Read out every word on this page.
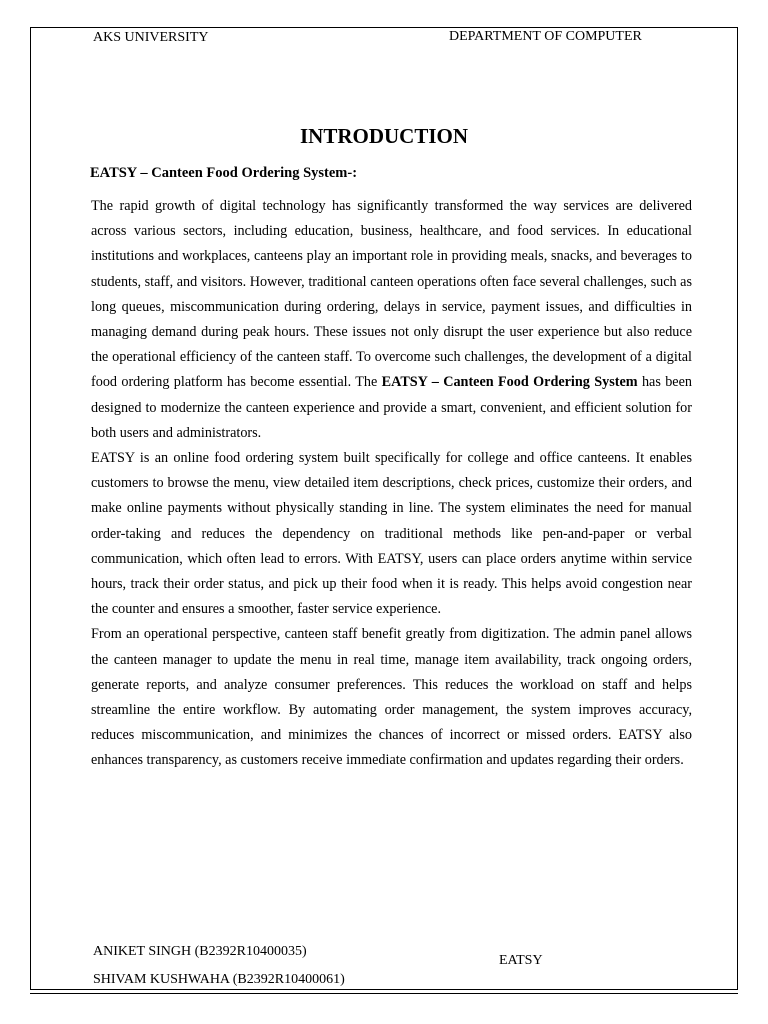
AKS UNIVERSITY	DEPARTMENT OF COMPUTER
INTRODUCTION
EATSY – Canteen Food Ordering System-:

The rapid growth of digital technology has significantly transformed the way services are delivered across various sectors, including education, business, healthcare, and food services. In educational institutions and workplaces, canteens play an important role in providing meals, snacks, and beverages to students, staff, and visitors. However, traditional canteen operations often face several challenges, such as long queues, miscommunication during ordering, delays in service, payment issues, and difficulties in managing demand during peak hours. These issues not only disrupt the user experience but also reduce the operational efficiency of the canteen staff. To overcome such challenges, the development of a digital food ordering platform has become essential. The EATSY – Canteen Food Ordering System has been designed to modernize the canteen experience and provide a smart, convenient, and efficient solution for both users and administrators.

EATSY is an online food ordering system built specifically for college and office canteens. It enables customers to browse the menu, view detailed item descriptions, check prices, customize their orders, and make online payments without physically standing in line. The system eliminates the need for manual order-taking and reduces the dependency on traditional methods like pen-and-paper or verbal communication, which often lead to errors. With EATSY, users can place orders anytime within service hours, track their order status, and pick up their food when it is ready. This helps avoid congestion near the counter and ensures a smoother, faster service experience.

From an operational perspective, canteen staff benefit greatly from digitization. The admin panel allows the canteen manager to update the menu in real time, manage item availability, track ongoing orders, generate reports, and analyze consumer preferences. This reduces the workload on staff and helps streamline the entire workflow. By automating order management, the system improves accuracy, reduces miscommunication, and minimizes the chances of incorrect or missed orders. EATSY also enhances transparency, as customers receive immediate confirmation and updates regarding their orders.

ANIKET SINGH (B2392R10400035)
SHIVAM KUSHWAHA (B2392R10400061)
EATSY
